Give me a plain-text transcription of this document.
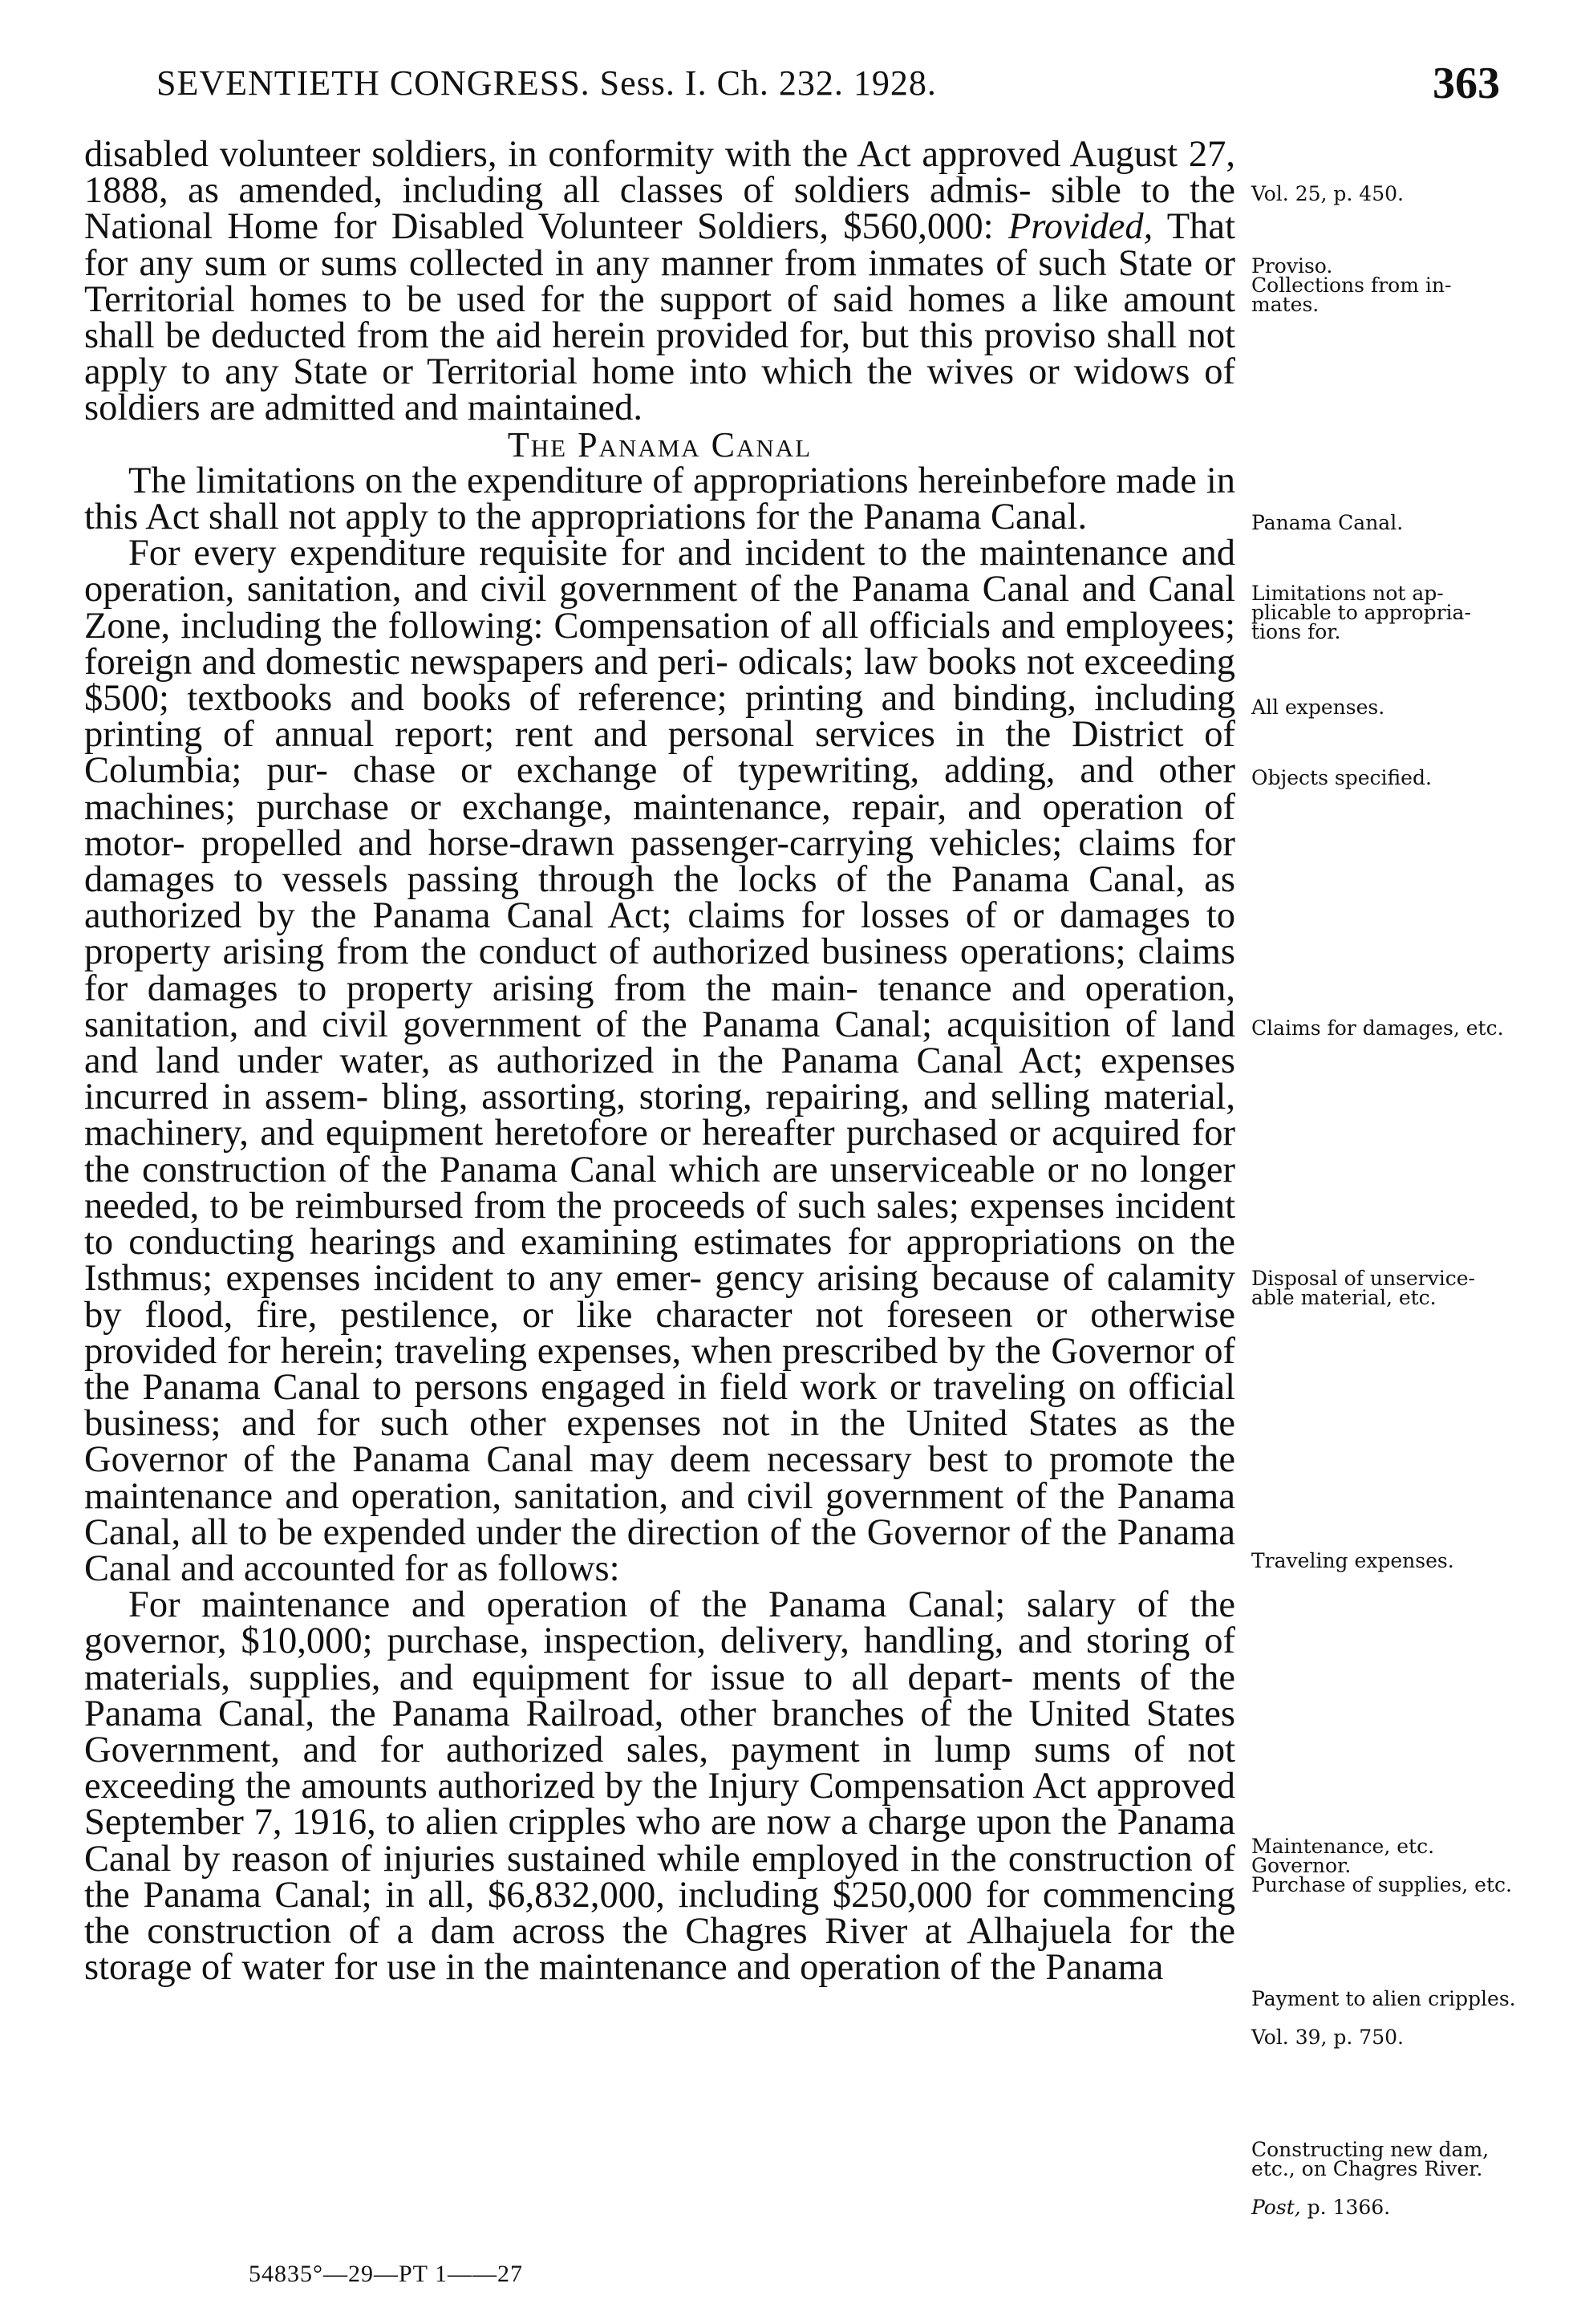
SEVENTIETH CONGRESS. Sess. I. Ch. 232. 1928.	363

disabled volunteer soldiers, in conformity with the Act approved August 27, 1888, as amended, including all classes of soldiers admis- sible to the National Home for Disabled Volunteer Soldiers, $560,000: Provided, That for any sum or sums collected in any manner from inmates of such State or Territorial homes to be used for the support of said homes a like amount shall be deducted from the aid herein provided for, but this proviso shall not apply to any State or Territorial home into which the wives or widows of soldiers are admitted and maintained.

The Panama Canal

The limitations on the expenditure of appropriations hereinbefore made in this Act shall not apply to the appropriations for the Panama Canal.

For every expenditure requisite for and incident to the maintenance and operation, sanitation, and civil government of the Panama Canal and Canal Zone, including the following: Compensation of all officials and employees; foreign and domestic newspapers and peri- odicals; law books not exceeding $500; textbooks and books of reference; printing and binding, including printing of annual report; rent and personal services in the District of Columbia; pur- chase or exchange of typewriting, adding, and other machines; purchase or exchange, maintenance, repair, and operation of motor- propelled and horse-drawn passenger-carrying vehicles; claims for damages to vessels passing through the locks of the Panama Canal, as authorized by the Panama Canal Act; claims for losses of or damages to property arising from the conduct of authorized business operations; claims for damages to property arising from the main- tenance and operation, sanitation, and civil government of the Panama Canal; acquisition of land and land under water, as authorized in the Panama Canal Act; expenses incurred in assem- bling, assorting, storing, repairing, and selling material, machinery, and equipment heretofore or hereafter purchased or acquired for the construction of the Panama Canal which are unserviceable or no longer needed, to be reimbursed from the proceeds of such sales; expenses incident to conducting hearings and examining estimates for appropriations on the Isthmus; expenses incident to any emer- gency arising because of calamity by flood, fire, pestilence, or like character not foreseen or otherwise provided for herein; traveling expenses, when prescribed by the Governor of the Panama Canal to persons engaged in field work or traveling on official business; and for such other expenses not in the United States as the Governor of the Panama Canal may deem necessary best to promote the maintenance and operation, sanitation, and civil government of the Panama Canal, all to be expended under the direction of the Governor of the Panama Canal and accounted for as follows:

For maintenance and operation of the Panama Canal; salary of the governor, $10,000; purchase, inspection, delivery, handling, and storing of materials, supplies, and equipment for issue to all depart- ments of the Panama Canal, the Panama Railroad, other branches of the United States Government, and for authorized sales, payment in lump sums of not exceeding the amounts authorized by the Injury Compensation Act approved September 7, 1916, to alien cripples who are now a charge upon the Panama Canal by reason of injuries sustained while employed in the construction of the Panama Canal; in all, $6,832,000, including $250,000 for commencing the construction of a dam across the Chagres River at Alhajuela for the storage of water for use in the maintenance and operation of the Panama

Vol. 25, p. 450.
Proviso.
Collections from in- mates.
Panama Canal.
Limitations not ap- plicable to appropria- tions for.
All expenses.
Objects specified.
Claims for damages, etc.
Disposal of unservice- able material, etc.
Traveling expenses.
Maintenance, etc.
Governor.
Purchase of supplies, etc.
Payment to alien cripples.
Vol. 39, p. 750.
Constructing new dam, etc., on Chagres River.
Post, p. 1366.
54835°—29—PT 1——27
